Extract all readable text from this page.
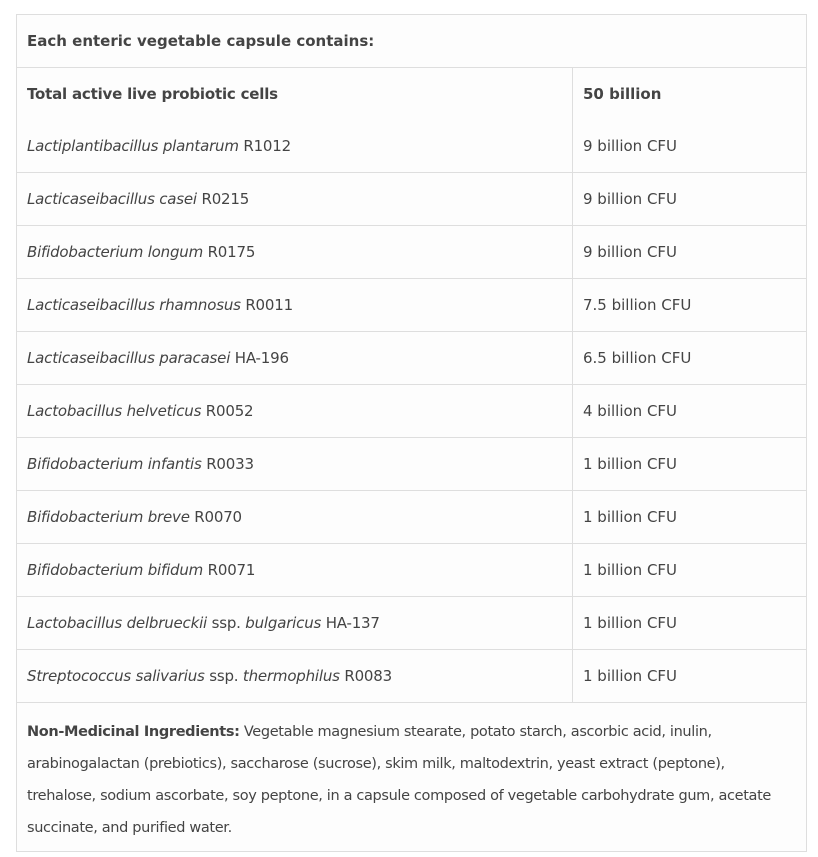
Each enteric vegetable capsule contains:
Total active live probiotic cells	50 billion
Lactiplantibacillus plantarum R1012	9 billion CFU
Lacticaseibacillus casei R0215	9 billion CFU
Bifidobacterium longum R0175	9 billion CFU
Lacticaseibacillus rhamnosus R0011	7.5 billion CFU
Lacticaseibacillus paracasei HA-196	6.5 billion CFU
Lactobacillus helveticus R0052	4 billion CFU
Bifidobacterium infantis R0033	1 billion CFU
Bifidobacterium breve R0070	1 billion CFU
Bifidobacterium bifidum R0071	1 billion CFU
Lactobacillus delbrueckii ssp. bulgaricus HA-137	1 billion CFU
Streptococcus salivarius ssp. thermophilus R0083	1 billion CFU
Non-Medicinal Ingredients: Vegetable magnesium stearate, potato starch, ascorbic acid, inulin, arabinogalactan (prebiotics), saccharose (sucrose), skim milk, maltodextrin, yeast extract (peptone), trehalose, sodium ascorbate, soy peptone, in a capsule composed of vegetable carbohydrate gum, acetate succinate, and purified water.
